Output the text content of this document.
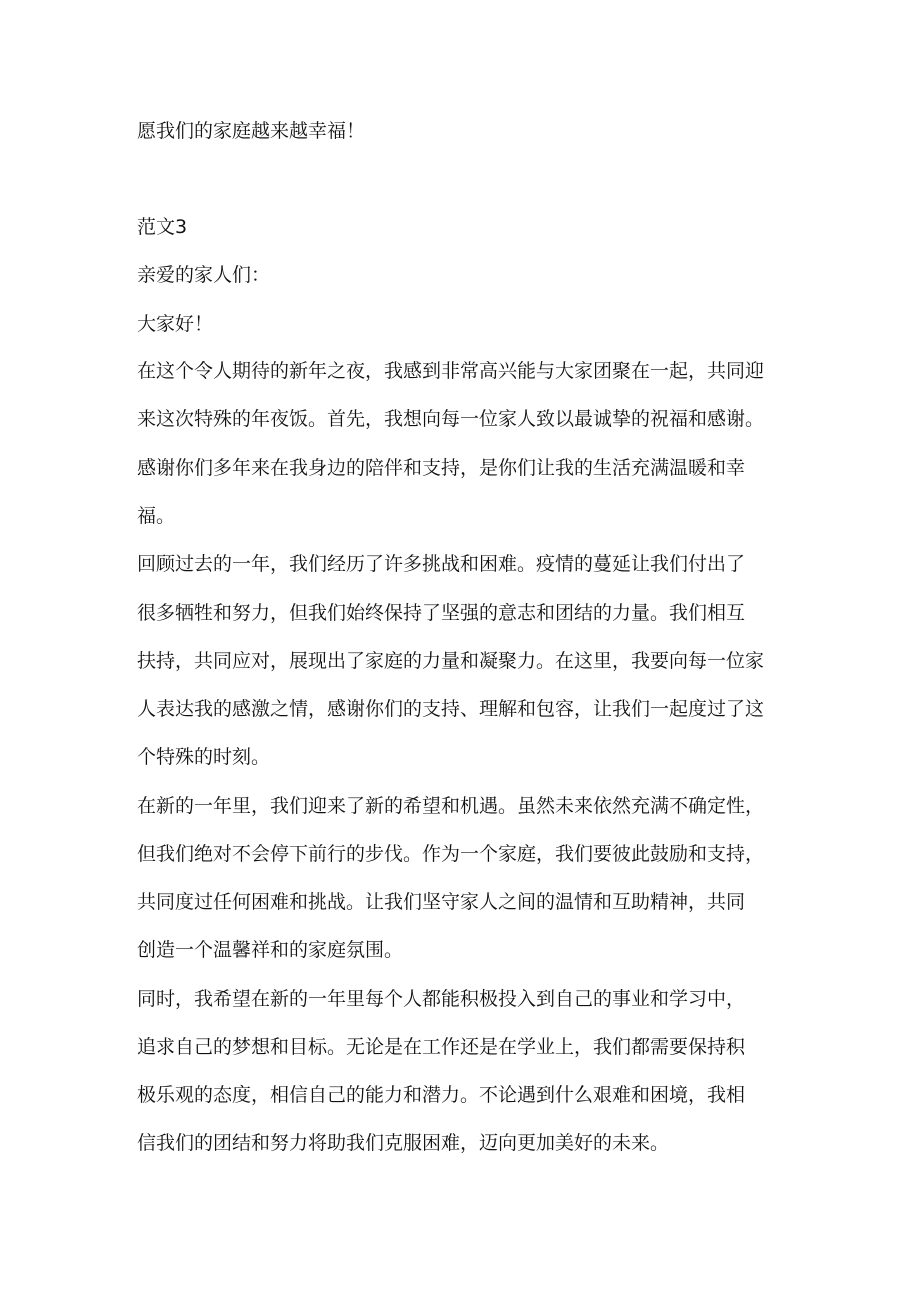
愿我们的家庭越来越幸福！

范文3

亲爱的家人们：

大家好！

在这个令人期待的新年之夜，我感到非常高兴能与大家团聚在一起，共同迎

来这次特殊的年夜饭。首先，我想向每一位家人致以最诚挚的祝福和感谢。

感谢你们多年来在我身边的陪伴和支持，是你们让我的生活充满温暖和幸

福。

回顾过去的一年，我们经历了许多挑战和困难。疫情的蔓延让我们付出了

很多牺牲和努力，但我们始终保持了坚强的意志和团结的力量。我们相互

扶持，共同应对，展现出了家庭的力量和凝聚力。在这里，我要向每一位家

人表达我的感激之情，感谢你们的支持、理解和包容，让我们一起度过了这

个特殊的时刻。

在新的一年里，我们迎来了新的希望和机遇。虽然未来依然充满不确定性，

但我们绝对不会停下前行的步伐。作为一个家庭，我们要彼此鼓励和支持，

共同度过任何困难和挑战。让我们坚守家人之间的温情和互助精神，共同

创造一个温馨祥和的家庭氛围。

同时，我希望在新的一年里每个人都能积极投入到自己的事业和学习中，

追求自己的梦想和目标。无论是在工作还是在学业上，我们都需要保持积

极乐观的态度，相信自己的能力和潜力。不论遇到什么艰难和困境，我相

信我们的团结和努力将助我们克服困难，迈向更加美好的未来。
